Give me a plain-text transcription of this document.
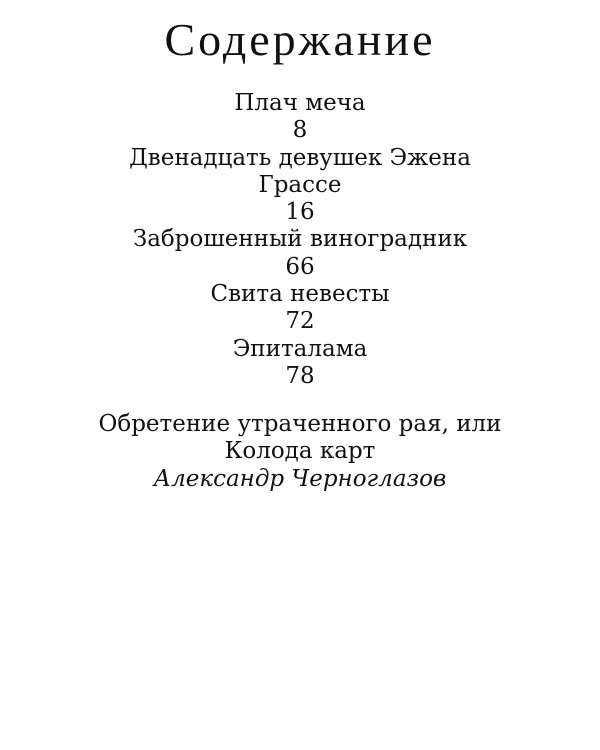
Содержание
Плач меча
8
Двенадцать девушек Эжена
Грассе
16
Заброшенный виноградник
66
Свита невесты
72
Эпиталама
78
Обретение утраченного рая, или
Колода карт
Александр Черноглазов
